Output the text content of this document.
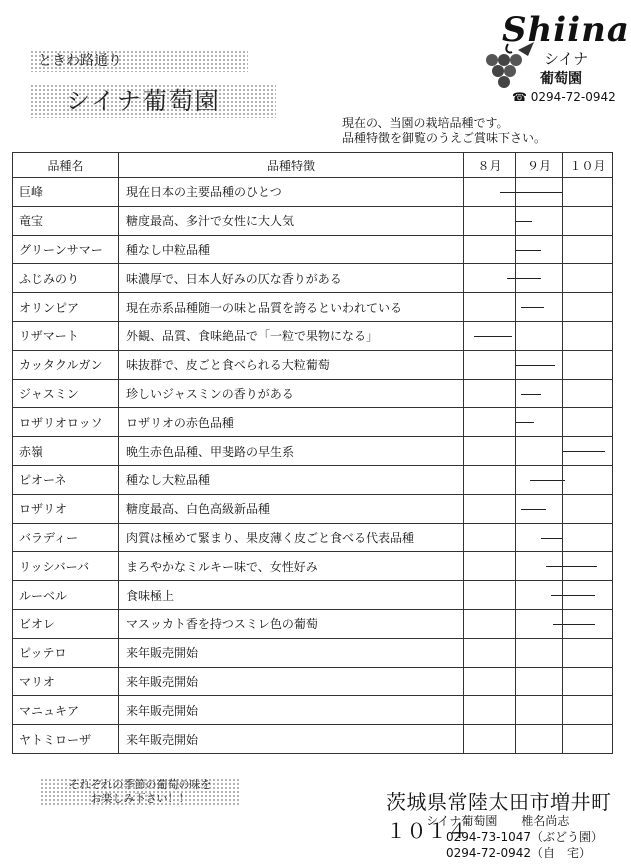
ときわ路通り
シイナ葡萄園
Shiina
シイナ
葡萄園
☎ 0294-72-0942
現在の、当園の栽培品種です。
品種特徴を御覧のうえご賞味下さい。
品種名	品種特徴	８月	９月	１０月
巨峰	現在日本の主要品種のひとつ	

竜宝	糖度最高、多汁で女性に大人気		

グリーンサマー	種なし中粒品種		

ふじみのり	味濃厚で、日本人好みの仄な香りがある	

オリンピア	現在赤系品種随一の味と品質を誇るといわれている		

リザマート	外観、品質、食味絶品で「一粒で果物になる」	

カッタクルガン	味抜群で、皮ごと食べられる大粒葡萄		

ジャスミン	珍しいジャスミンの香りがある		

ロザリオロッソ	ロザリオの赤色品種		

赤嶺	晩生赤色品種、甲斐路の早生系			

ピオーネ	種なし大粒品種		

ロザリオ	糖度最高、白色高級新品種		

バラディー	肉質は極めて緊まり、果皮薄く皮ごと食べる代表品種		

リッシバーバ	まろやかなミルキー味で、女性好み		

ルーベル	食味極上		

ビオレ	マスッカト香を持つスミレ色の葡萄		

ピッテロ	来年販売開始			
マリオ	来年販売開始			
マニュキア	来年販売開始			
ヤトミローザ	来年販売開始			
それぞれの季節の葡萄の味を
お楽しみ下さい！！	茨城県常陸太田市増井町１０１４
シイナ葡萄園　　椎名尚志
0294-73-1047（ぶどう園）
0294-72-0942（自　宅）
